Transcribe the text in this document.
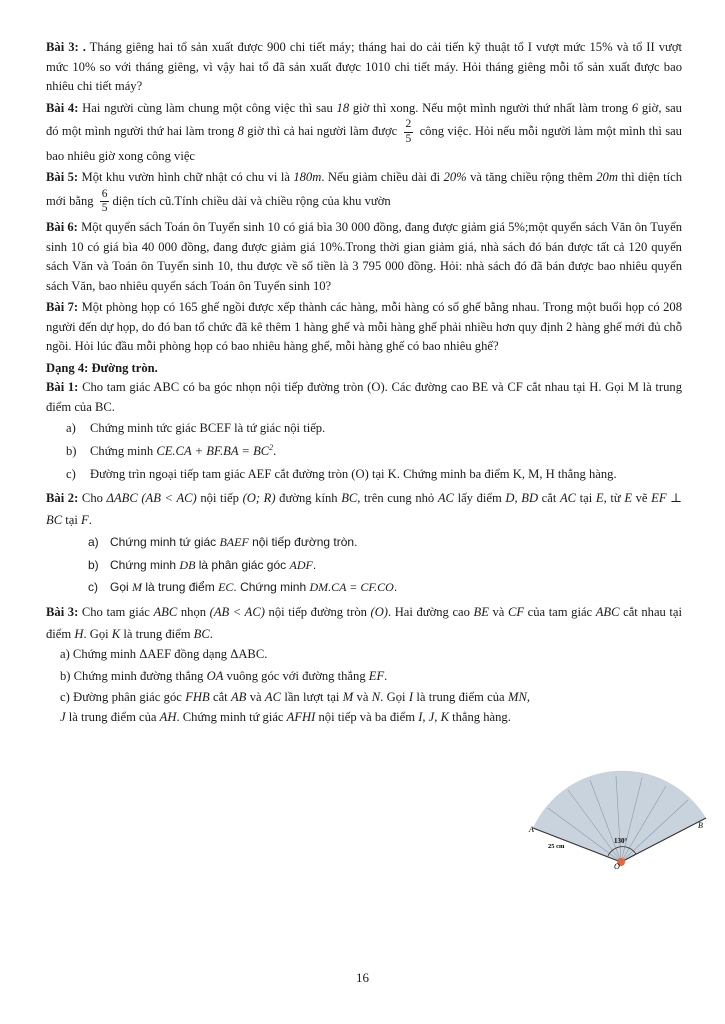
Bài 3: . Tháng giêng hai tổ sản xuất được 900 chi tiết máy; tháng hai do cải tiến kỹ thuật tổ I vượt mức 15% và tổ II vượt mức 10% so với tháng giêng, vì vậy hai tổ đã sản xuất được 1010 chi tiết máy. Hỏi tháng giêng mỗi tổ sản xuất được bao nhiêu chi tiết máy?

Bài 4: Hai người cùng làm chung một công việc thì sau 18 giờ thì xong. Nếu một mình người thứ nhất làm trong 6 giờ, sau đó một mình người thứ hai làm trong 8 giờ thì cả hai người làm được $\frac{2}{5}$ công việc. Hỏi nếu mỗi người làm một mình thì sau bao nhiêu giờ xong công việc

Bài 5: Một khu vườn hình chữ nhật có chu vi là 180m. Nếu giảm chiều dài đi 20% và tăng chiều rộng thêm 20m thì diện tích mới bằng $\frac{6}{5}$ diện tích cũ.Tính chiều dài và chiều rộng của khu vườn

Bài 6: Một quyển sách Toán ôn Tuyển sinh 10 có giá bìa 30 000 đồng, đang được giảm giá 5%;một quyển sách Văn ôn Tuyển sinh 10 có giá bìa 40 000 đồng, đang được giảm giá 10%.Trong thời gian giảm giá, nhà sách đó bán được tất cả 120 quyển sách Văn và Toán ôn Tuyển sinh 10, thu được về số tiền là 3 795 000 đồng. Hỏi: nhà sách đó đã bán được bao nhiêu quyển sách Văn, bao nhiêu quyển sách Toán ôn Tuyển sinh 10?

Bài 7: Một phòng họp có 165 ghế ngồi được xếp thành các hàng, mỗi hàng có số ghế bằng nhau. Trong một buổi họp có 208 người đến dự họp, do đó ban tổ chức đã kê thêm 1 hàng ghế và mỗi hàng ghế phải nhiều hơn quy định 2 hàng ghế mới đủ chỗ ngồi. Hỏi lúc đầu mỗi phòng họp có bao nhiêu hàng ghế, mỗi hàng ghế có bao nhiêu ghế?

Dạng 4: Đường tròn.

Bài 1: Cho tam giác ABC có ba góc nhọn nội tiếp đường tròn (O). Các đường cao BE và CF cắt nhau tại H. Gọi M là trung điểm của BC.

a)	Chứng minh tức giác BCEF là tứ giác nội tiếp.
b) Chứng minh $CE.CA + BF.BA = BC^2$.
c)	Đường trìn ngoại tiếp tam giác AEF cắt đường tròn (O) tại K. Chứng minh ba điểm K, M, H thẳng hàng.

Bài 2: Cho ΔABC (AB < AC) nội tiếp (O; R) đường kính BC, trên cung nhỏ AC lấy điểm D, BD cắt AC tại E, từ E vẽ EF ⊥ BC tại F.

a) Chứng minh tứ giác BAEF nội tiếp đường tròn.
b) Chứng minh DB là phân giác góc ADF.
c)	Gọi M là trung điểm EC. Chứng minh DM.CA = CF.CO.

Bài 3: Cho tam giác ABC nhọn (AB < AC) nội tiếp đường tròn (O). Hai đường cao BE và CF của tam giác ABC cắt nhau tại điểm H. Gọi K là trung điểm BC.

a) Chứng minh ΔAEF đồng dạng ΔABC.

b) Chứng minh đường thẳng OA vuông góc với đường thẳng EF.

c) Đường phân giác góc FHB cắt AB và AC lần lượt tại M và N. Gọi I là trung điểm của MN, J là trung điểm của AH. Chứng minh tứ giác AFHI nội tiếp và ba điểm I, J, K thẳng hàng.

A	B
O
130°
25 cm
16
